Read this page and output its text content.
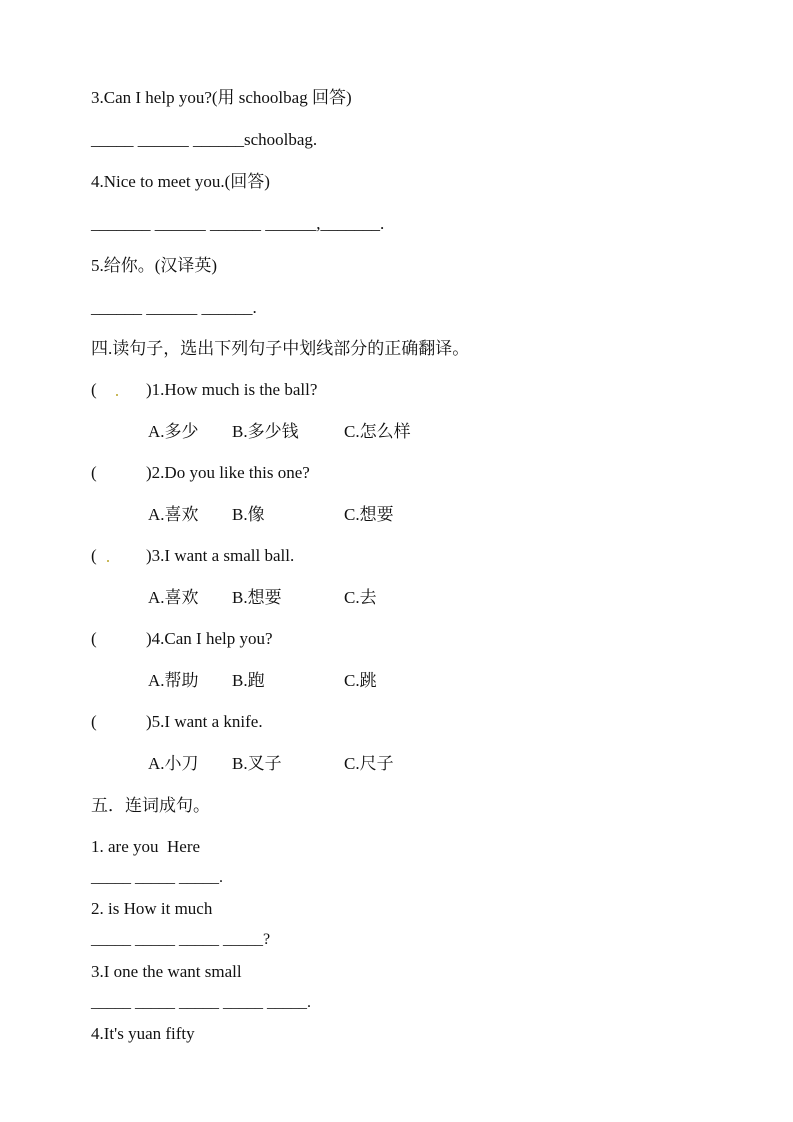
3.Can I help you?(用 schoolbag 回答)
_____ ______ ______schoolbag.
4.Nice to meet you.(回答)
_______ ______ ______ ______,_______.
5.给你。(汉译英)
______ ______ ______.
四.读句子，选出下列句子中划线部分的正确翻译。
(	)1.How much is the ball?
A.多少 B.多少钱	C.怎么样
(	)2.Do you like this one?
A.喜欢 B.像	C.想要
(	)3.I want a small ball.
A.喜欢 B.想要	C.去
(	)4.Can I help you?
A.帮助 B.跑	C.跳
(	)5.I want a knife.
A.小刀 B.叉子	C.尺子
五．连词成句。
1. are you  Here
_____ _____ _____.
2. is How it much
_____ _____ _____ _____?
3.I one the want small
_____ _____ _____ _____ _____.
4.It's yuan fifty
